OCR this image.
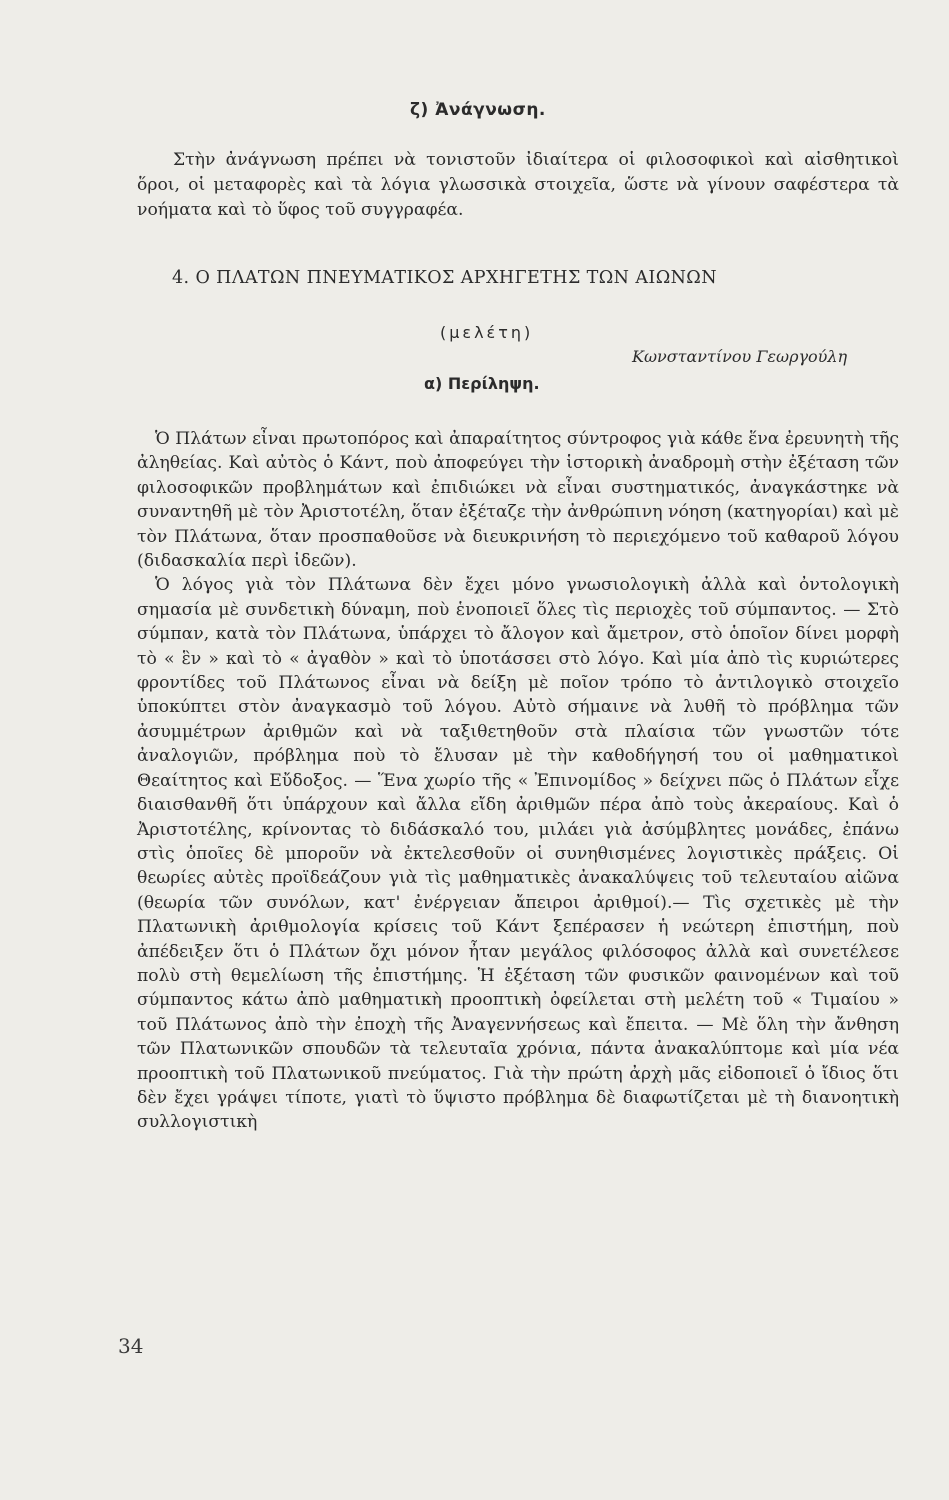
ζ) Ἀνάγνωση.
Στὴν ἀνάγνωση πρέπει νὰ τονιστοῦν ἰδιαίτερα οἱ φιλοσοφικοὶ καὶ αἰσθητικοὶ ὅροι, οἱ μεταφορὲς καὶ τὰ λόγια γλωσσικὰ στοιχεῖα, ὥστε νὰ γίνουν σαφέστερα τὰ νοήματα καὶ τὸ ὕφος τοῦ συγγραφέα.
4. Ο ΠΛΑΤΩΝ ΠΝΕΥΜΑΤΙΚΟΣ ΑΡΧΗΓΕΤΗΣ ΤΩΝ ΑΙΩΝΩΝ
(μελέτη)
Κωνσταντίνου Γεωργούλη
α) Περίληψη.

Ὁ Πλάτων εἶναι πρωτοπόρος καὶ ἀπαραίτητος σύντροφος γιὰ κάθε ἕνα ἐρευνητὴ τῆς ἀληθείας. Καὶ αὐτὸς ὁ Κάντ, ποὺ ἀποφεύγει τὴν ἱστορικὴ ἀναδρομὴ στὴν ἐξέταση τῶν φιλοσοφικῶν προβλημάτων καὶ ἐπιδιώκει νὰ εἶναι συστηματικός, ἀναγκάστηκε νὰ συναντηθῆ μὲ τὸν Ἀριστοτέλη, ὅταν ἐξέταζε τὴν ἀνθρώπινη νόηση (κατηγορίαι) καὶ μὲ τὸν Πλάτωνα, ὅταν προσπαθοῦσε νὰ διευκρινήση τὸ περιεχόμενο τοῦ καθαροῦ λόγου (διδασκαλία περὶ ἰδεῶν).

Ὁ λόγος γιὰ τὸν Πλάτωνα δὲν ἔχει μόνο γνωσιολογικὴ ἀλλὰ καὶ ὀντολογικὴ σημασία μὲ συνδετικὴ δύναμη, ποὺ ἑνοποιεῖ ὅλες τὶς περιοχὲς τοῦ σύμπαντος. — Στὸ σύμπαν, κατὰ τὸν Πλάτωνα, ὑπάρχει τὸ ἄλογον καὶ ἄμετρον, στὸ ὁποῖον δίνει μορφὴ τὸ « ἓν » καὶ τὸ « ἀγαθὸν » καὶ τὸ ὑποτάσσει στὸ λόγο. Καὶ μία ἀπὸ τὶς κυριώτερες φροντίδες τοῦ Πλάτωνος εἶναι νὰ δείξη μὲ ποῖον τρόπο τὸ ἀντιλογικὸ στοιχεῖο ὑποκύπτει στὸν ἀναγκασμὸ τοῦ λόγου. Αὐτὸ σήμαινε νὰ λυθῆ τὸ πρόβλημα τῶν ἀσυμμέτρων ἀριθμῶν καὶ νὰ ταξιθετηθοῦν στὰ πλαίσια τῶν γνωστῶν τότε ἀναλογιῶν, πρόβλημα ποὺ τὸ ἔλυσαν μὲ τὴν καθοδήγησή του οἱ μαθηματικοὶ Θεαίτητος καὶ Εὔδοξος. — Ἕνα χωρίο τῆς « Ἐπινομίδος » δείχνει πῶς ὁ Πλάτων εἶχε διαισθανθῆ ὅτι ὑπάρχουν καὶ ἄλλα εἴδη ἀριθμῶν πέρα ἀπὸ τοὺς ἀκεραίους. Καὶ ὁ Ἀριστοτέλης, κρίνοντας τὸ διδάσκαλό του, μιλάει γιὰ ἀσύμβλητες μονάδες, ἐπάνω στὶς ὁποῖες δὲ μποροῦν νὰ ἐκτελεσθοῦν οἱ συνηθισμένες λογιστικὲς πράξεις. Οἱ θεωρίες αὐτὲς προϊδεάζουν γιὰ τὶς μαθηματικὲς ἀνακαλύψεις τοῦ τελευταίου αἰῶνα (θεωρία τῶν συνόλων, κατ' ἐνέργειαν ἄπειροι ἀριθμοί).— Τὶς σχετικὲς μὲ τὴν Πλατωνικὴ ἀριθμολογία κρίσεις τοῦ Κάντ ξεπέρασεν ἡ νεώτερη ἐπιστήμη, ποὺ ἀπέδειξεν ὅτι ὁ Πλάτων ὄχι μόνον ἦταν μεγάλος φιλόσοφος ἀλλὰ καὶ συνετέλεσε πολὺ στὴ θεμελίωση τῆς ἐπιστήμης. Ἡ ἐξέταση τῶν φυσικῶν φαινομένων καὶ τοῦ σύμπαντος κάτω ἀπὸ μαθηματικὴ προοπτικὴ ὀφείλεται στὴ μελέτη τοῦ « Τιμαίου » τοῦ Πλάτωνος ἀπὸ τὴν ἐποχὴ τῆς Ἀναγεννήσεως καὶ ἔπειτα. — Μὲ ὅλη τὴν ἄνθηση τῶν Πλατωνικῶν σπουδῶν τὰ τελευταῖα χρόνια, πάντα ἀνακαλύπτομε καὶ μία νέα προοπτικὴ τοῦ Πλατωνικοῦ πνεύματος. Γιὰ τὴν πρώτη ἀρχὴ μᾶς εἰδοποιεῖ ὁ ἴδιος ὅτι δὲν ἔχει γράψει τίποτε, γιατὶ τὸ ὕψιστο πρόβλημα δὲ διαφωτίζεται μὲ τὴ διανοητικὴ συλλογιστικὴ

34
